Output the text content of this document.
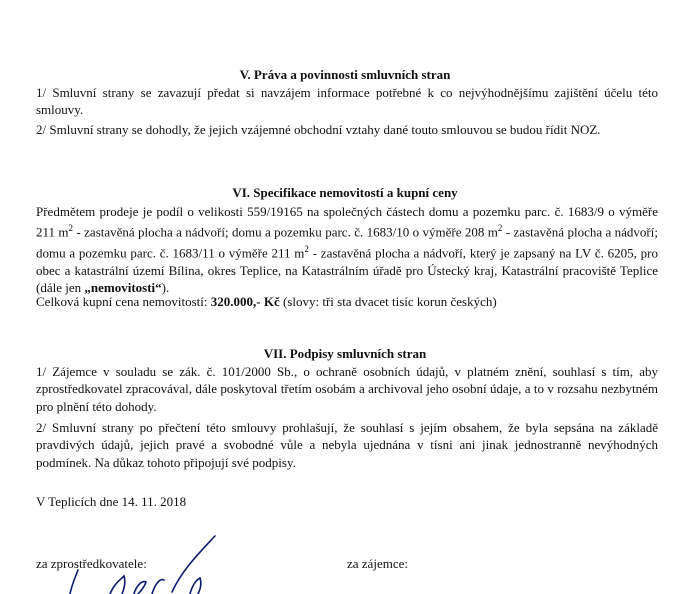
V. Práva a povinnosti smluvních stran

1/ Smluvní strany se zavazují předat si navzájem informace potřebné k co nejvýhodnějšímu zajištění účelu této smlouvy.

2/ Smluvní strany se dohodly, že jejich vzájemné obchodní vztahy dané touto smlouvou se budou řídit NOZ.

VI. Specifikace nemovitostí a kupní ceny

Předmětem prodeje je podíl o velikosti 559/19165 na společných částech domu a pozemku parc. č. 1683/9 o výměře 211 $m^2$ - zastavěná plocha a nádvoří; domu a pozemku parc. č. 1683/10 o výměře 208 $m^2$ - zastavěná plocha a nádvoří; domu a pozemku parc. č. 1683/11 o výměře 211 $m^2$ - zastavěná plocha a nádvoří, který je zapsaný na LV č. 6205, pro obec a katastrální území Bílina, okres Teplice, na Katastrálním úřadě pro Ústecký kraj, Katastrální pracoviště Teplice (dále jen „nemovitosti“).

Celková kupní cena nemovitostí: 320.000,- Kč (slovy: tři sta dvacet tisíc korun českých)

VII. Podpisy smluvních stran

1/ Zájemce v souladu se zák. č. 101/2000 Sb., o ochraně osobních údajů, v platném znění, souhlasí s tím, aby zprostředkovatel zpracovával, dále poskytoval třetím osobám a archivoval jeho osobní údaje, a to v rozsahu nezbytném pro plnění této dohody.

2/ Smluvní strany po přečtení této smlouvy prohlašují, že souhlasí s jejím obsahem, že byla sepsána na základě pravdivých údajů, jejich pravé a svobodné vůle a nebyla ujednána v tísni ani jinak jednostranně nevýhodných podmínek. Na důkaz tohoto připojují své podpisy.

V Teplicích dne 14. 11. 2018

za zprostředkovatele:	za zájemce:
